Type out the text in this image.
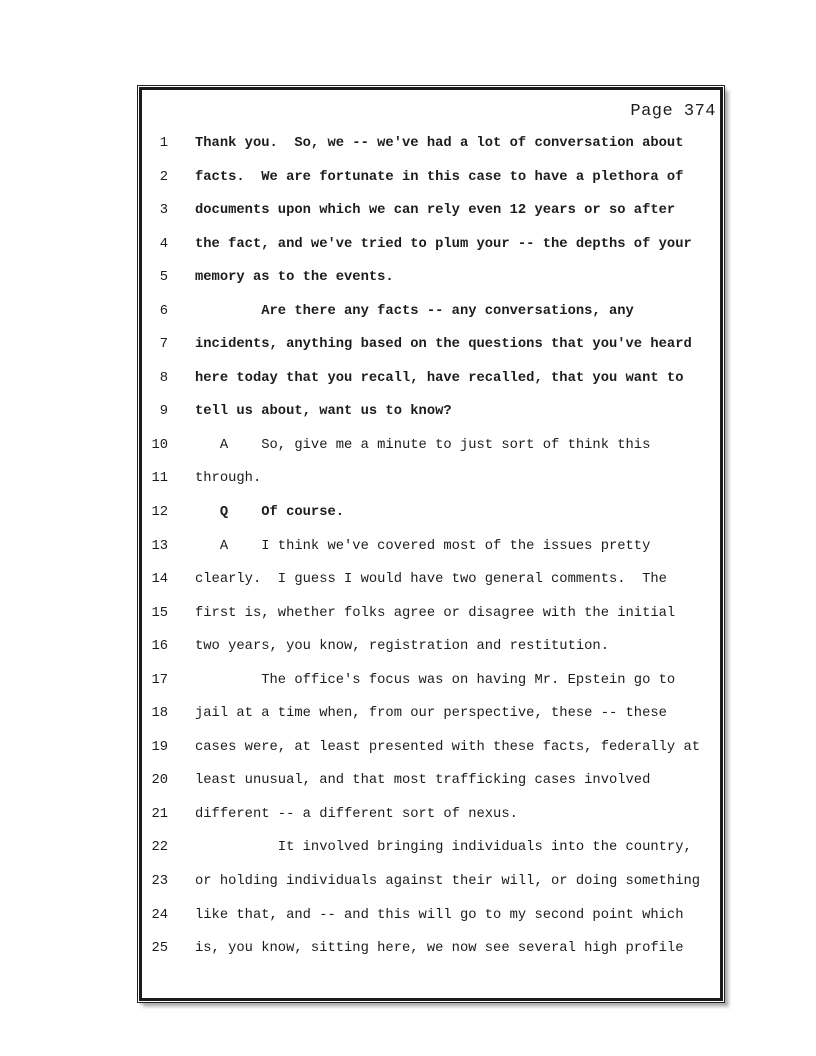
Page 374
1 Thank you.  So, we -- we've had a lot of conversation about
2 facts.  We are fortunate in this case to have a plethora of
3 documents upon which we can rely even 12 years or so after
4 the fact, and we've tried to plum your -- the depths of your
5 memory as to the events.
6 Are there any facts -- any conversations, any
7 incidents, anything based on the questions that you've heard
8 here today that you recall, have recalled, that you want to
9 tell us about, want us to know?
10 A    So, give me a minute to just sort of think this
11 through.
12 Q    Of course.
13 A    I think we've covered most of the issues pretty
14 clearly.  I guess I would have two general comments.  The
15 first is, whether folks agree or disagree with the initial
16 two years, you know, registration and restitution.
17 The office's focus was on having Mr. Epstein go to
18 jail at a time when, from our perspective, these -- these
19 cases were, at least presented with these facts, federally at
20 least unusual, and that most trafficking cases involved
21 different -- a different sort of nexus.
22 It involved bringing individuals into the country,
23 or holding individuals against their will, or doing something
24 like that, and -- and this will go to my second point which
25 is, you know, sitting here, we now see several high profile
